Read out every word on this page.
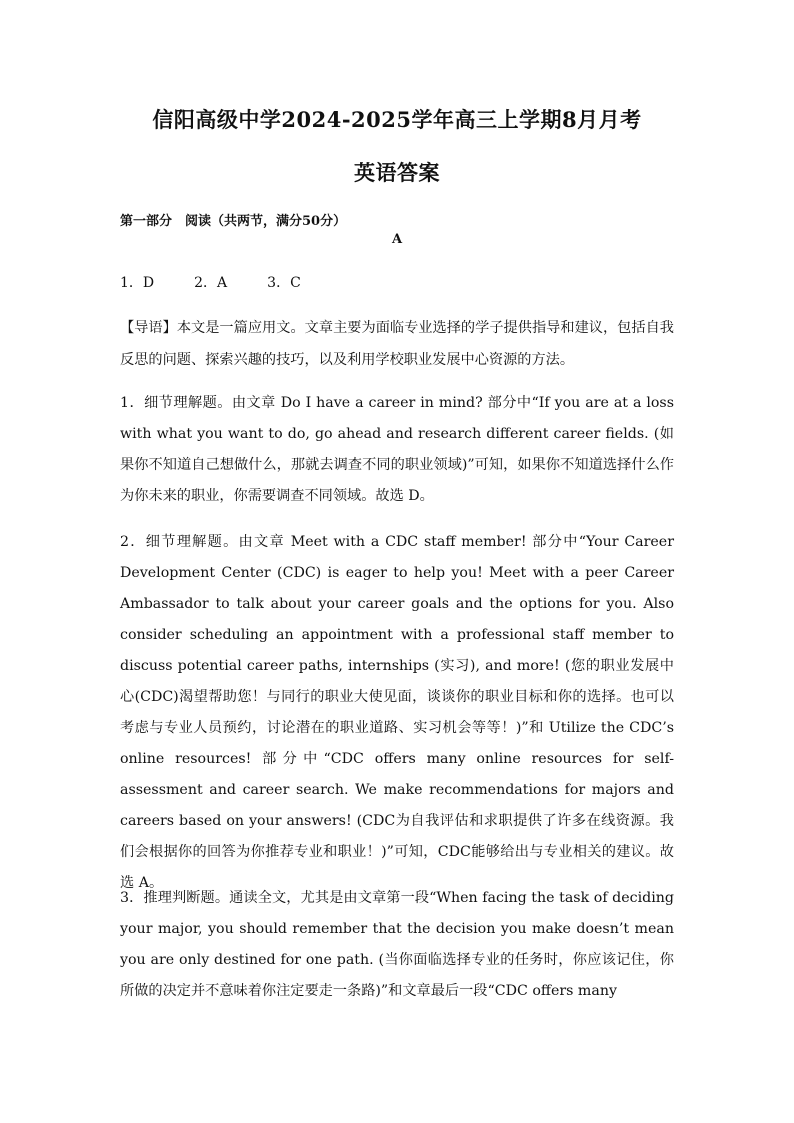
信阳高级中学2024-2025学年高三上学期8月月考
英语答案
第一部分　阅读（共两节，满分50分）
A
1．D	2．A	3．C
【导语】本文是一篇应用文。文章主要为面临专业选择的学子提供指导和建议，包括自我反思的问题、探索兴趣的技巧，以及利用学校职业发展中心资源的方法。
1．细节理解题。由文章 Do I have a career in mind? 部分中“If you are at a loss with what you want to do, go ahead and research different career fields. (如果你不知道自己想做什么，那就去调查不同的职业领域)”可知，如果你不知道选择什么作为你未来的职业，你需要调查不同领域。故选 D。
2．细节理解题。由文章 Meet with a CDC staff member! 部分中“Your Career Development Center (CDC) is eager to help you! Meet with a peer Career Ambassador to talk about your career goals and the options for you. Also consider scheduling an appointment with a professional staff member to discuss potential career paths, internships (实习), and more! (您的职业发展中心(CDC)渴望帮助您！与同行的职业大使见面，谈谈你的职业目标和你的选择。也可以考虑与专业人员预约，讨论潜在的职业道路、实习机会等等！)”和 Utilize the CDC’s online resources! 部分中“CDC offers many online resources for self-assessment and career search. We make recommendations for majors and careers based on your answers! (CDC为自我评估和求职提供了许多在线资源。我们会根据你的回答为你推荐专业和职业！)”可知，CDC能够给出与专业相关的建议。故选 A。
3．推理判断题。通读全文，尤其是由文章第一段“When facing the task of deciding your major, you should remember that the decision you make doesn’t mean you are only destined for one path. (当你面临选择专业的任务时，你应该记住，你所做的决定并不意味着你注定要走一条路)”和文章最后一段“CDC offers many
